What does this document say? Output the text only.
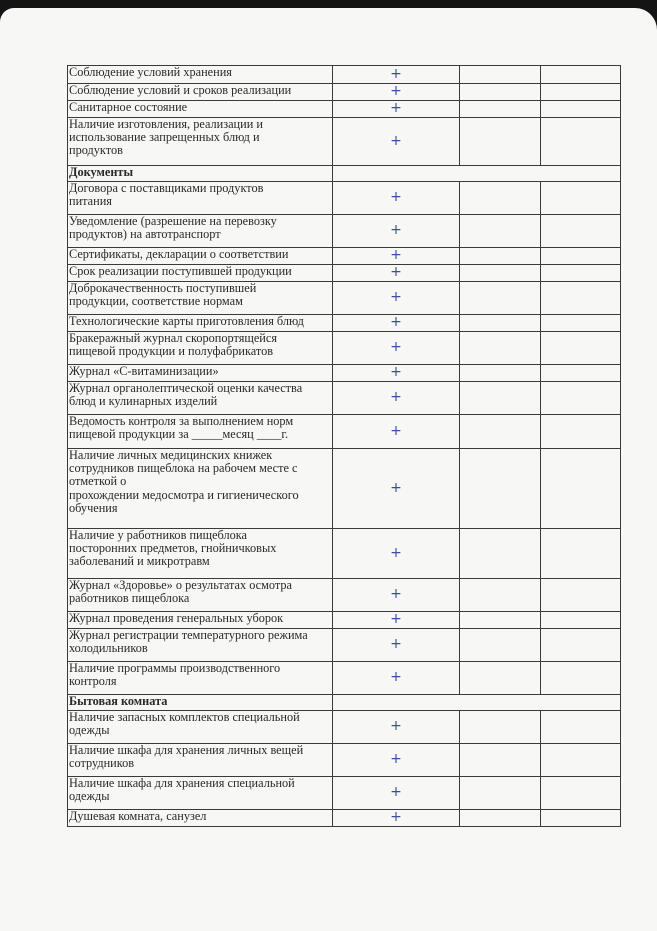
Соблюдение условий хранения	+		
Соблюдение условий и сроков реализации	+		
Санитарное состояние	+		
Наличие изготовления, реализации и
использование запрещенных блюд и
продуктов	+		
Документы			
Договора с поставщиками продуктов
питания	+		
Уведомление (разрешение на перевозку
продуктов) на автотранспорт	+		
Сертификаты, декларации о соответствии	+		
Срок реализации поступившей продукции	+		
Доброкачественность поступившей
продукции, соответствие нормам	+		
Технологические карты приготовления блюд	+		
Бракеражный журнал скоропортящейся
пищевой продукции и полуфабрикатов	+		
Журнал «С-витаминизации»	+		
Журнал органолептической оценки качества
блюд и кулинарных изделий	+		
Ведомость контроля за выполнением норм
пищевой продукции за _____месяц ____г.	+		
Наличие личных медицинских книжек
сотрудников пищеблока на рабочем месте с
отметкой о
прохождении медосмотра и гигиенического
обучения	+		
Наличие у работников пищеблока
посторонних предметов, гнойничковых
заболеваний и микротравм	+		
Журнал «Здоровье» о результатах осмотра
работников пищеблока	+		
Журнал проведения генеральных уборок	+		
Журнал регистрации температурного режима
холодильников	+		
Наличие программы производственного
контроля	+		
Бытовая комната			
Наличие запасных комплектов специальной
одежды	+		
Наличие шкафа для хранения личных вещей
сотрудников	+		
Наличие шкафа для хранения специальной
одежды	+		
Душевая комната, санузел	+		
